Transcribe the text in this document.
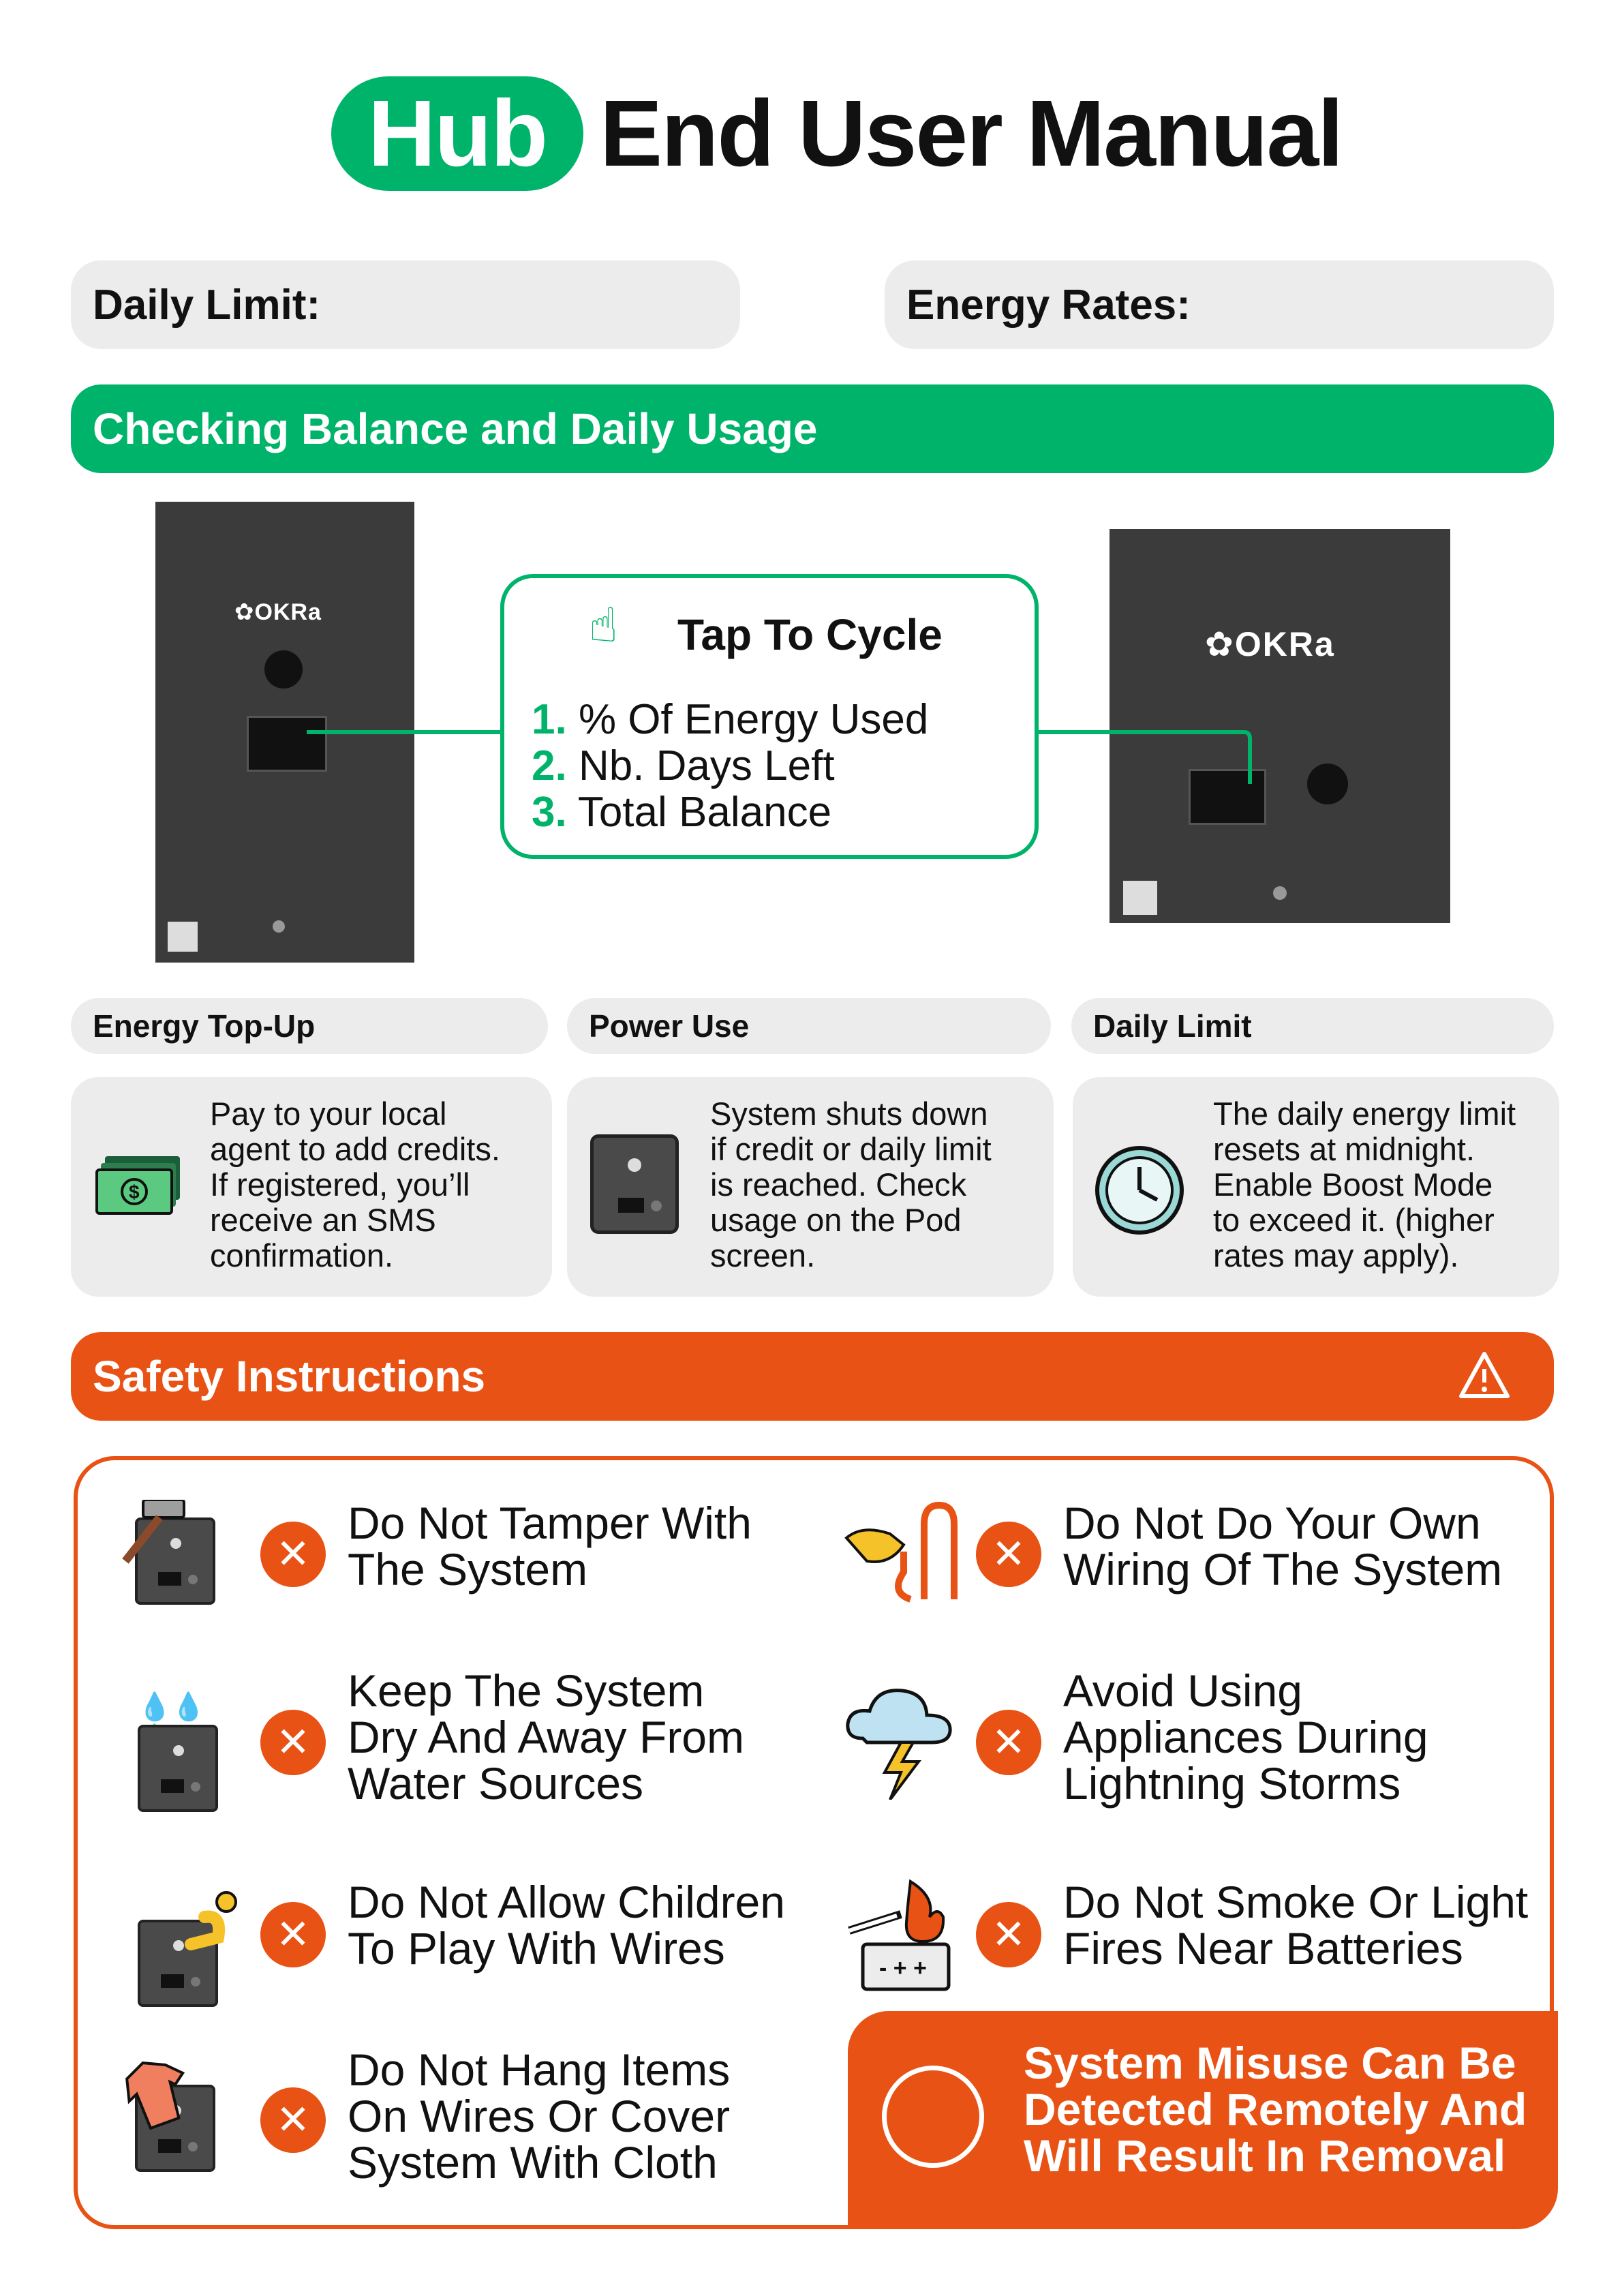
Hub End User Manual
Daily Limit:	Energy Rates:
Checking Balance and Daily Usage
✿OKRa
✿OKRa
☝ Tap To Cycle
1. % Of Energy Used
2. Nb. Days Left
3. Total Balance
Energy Top-Up	Power Use	Daily Limit
$
Pay to your local
agent to add credits.
If registered, you’ll
receive an SMS
confirmation.
System shuts down
if credit or daily limit
is reached. Check
usage on the Pod
screen.
The daily energy limit
resets at midnight.
Enable Boost Mode
to exceed it. (higher
rates may apply).
Safety Instructions
✕
Do Not Tamper With
The System
💧💧
✕
Keep The System
Dry And Away From
Water Sources
✕
Do Not Allow Children
To Play With Wires
✕
Do Not Hang Items
On Wires Or Cover
System With Cloth
✕
Do Not Do Your Own
Wiring Of The System
✕
Avoid Using
Appliances During
Lightning Storms
- + +
✕
Do Not Smoke Or Light
Fires Near Batteries
System Misuse Can Be
Detected Remotely And
Will Result In Removal
